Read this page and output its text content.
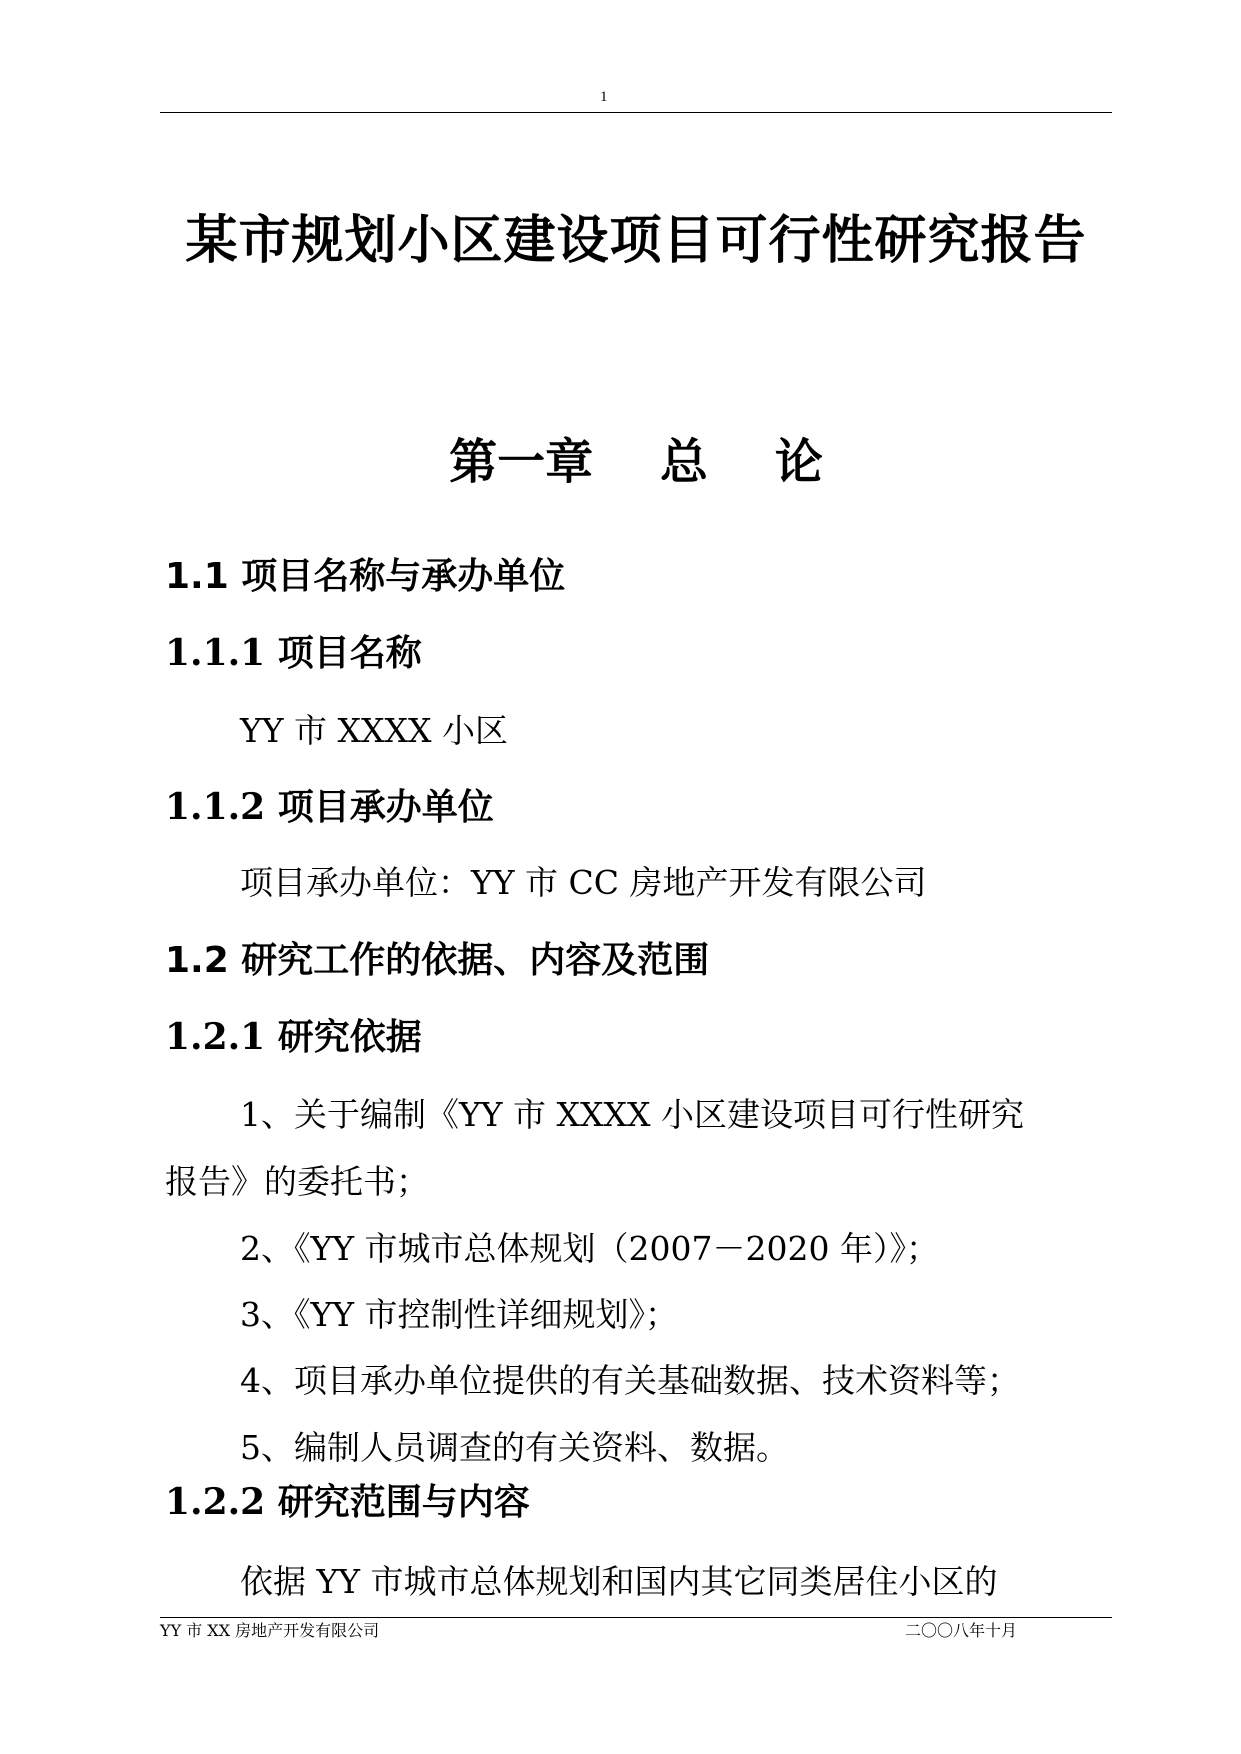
1
某市规划小区建设项目可行性研究报告
第一章    总    论
1.1 项目名称与承办单位
1.1.1 项目名称
YY 市 XXXX 小区
1.1.2 项目承办单位
项目承办单位：YY 市 CC 房地产开发有限公司
1.2 研究工作的依据、内容及范围
1.2.1 研究依据
1、关于编制《YY 市 XXXX 小区建设项目可行性研究
报告》的委托书；
2、《YY 市城市总体规划（2007－2020 年）》；
3、《YY 市控制性详细规划》；
4、项目承办单位提供的有关基础数据、技术资料等；
5、编制人员调查的有关资料、数据。
1.2.2 研究范围与内容
依据 YY 市城市总体规划和国内其它同类居住小区的
YY 市 XX 房地产开发有限公司	二〇〇八年十月
